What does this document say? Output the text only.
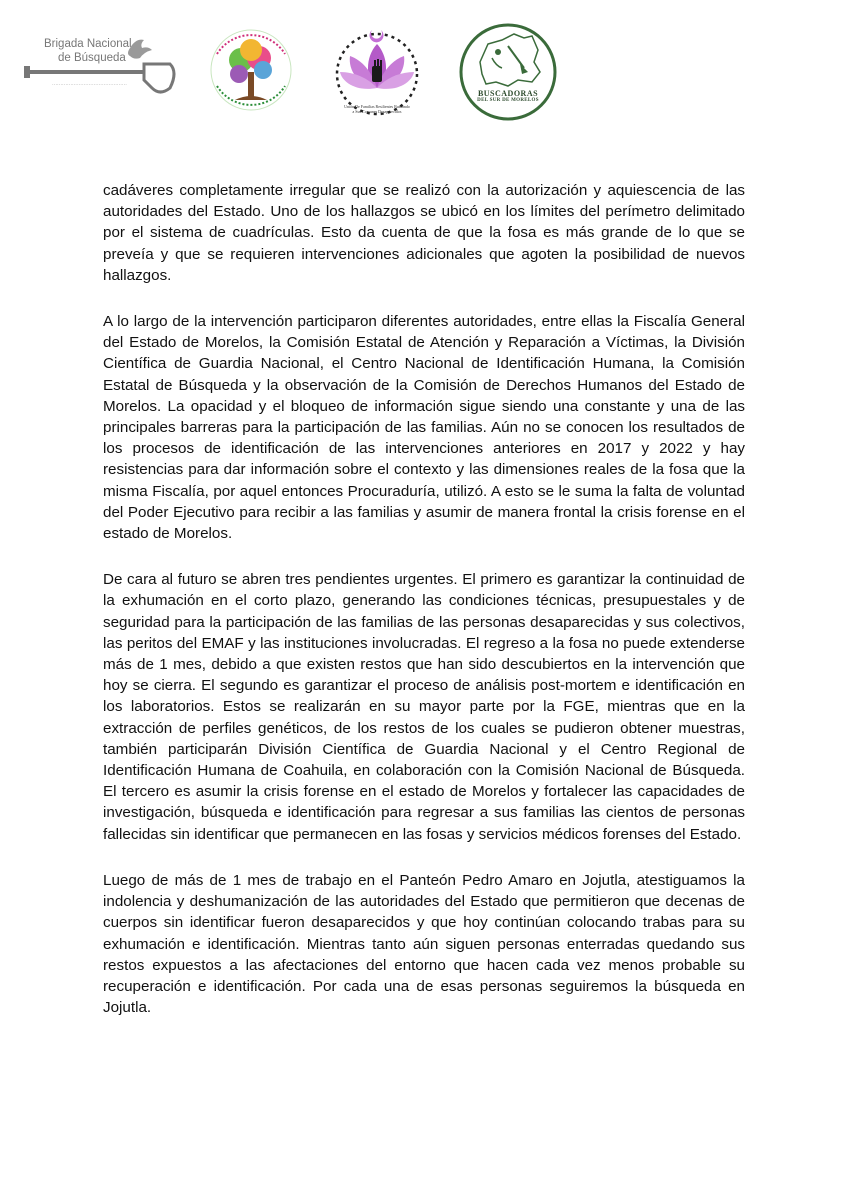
·············································
Brigada Nacional
de Búsqueda
Unión De Familias Resilientes Buscando a Sus Comunes Desaparecidos
BUSCADORAS
DEL SUR DE MORELOS

cadáveres completamente irregular que se realizó con la autorización y aquiescencia de las autoridades del Estado. Uno de los hallazgos se ubicó en los límites del perímetro delimitado por el sistema de cuadrículas. Esto da cuenta de que la fosa es más grande de lo que se preveía y que se requieren intervenciones adicionales que agoten la posibilidad de nuevos hallazgos.

A lo largo de la intervención participaron diferentes autoridades, entre ellas la Fiscalía General del Estado de Morelos, la Comisión Estatal de Atención y Reparación a Víctimas, la División Científica de Guardia Nacional, el Centro Nacional de Identificación Humana, la Comisión Estatal de Búsqueda y la observación de la Comisión de Derechos Humanos del Estado de Morelos. La opacidad y el bloqueo de información sigue siendo una constante y una de las principales barreras para la participación de las familias. Aún no se conocen los resultados de los procesos de identificación de las intervenciones anteriores en 2017 y 2022 y hay resistencias para dar información sobre el contexto y las dimensiones reales de la fosa que la misma Fiscalía, por aquel entonces Procuraduría, utilizó. A esto se le suma la falta de voluntad del Poder Ejecutivo para recibir a las familias y asumir de manera frontal la crisis forense en el estado de Morelos.

De cara al futuro se abren tres pendientes urgentes. El primero es garantizar la continuidad de la exhumación en el corto plazo, generando las condiciones técnicas, presupuestales y de seguridad para la participación de las familias de las personas desaparecidas y sus colectivos, las peritos del EMAF y las instituciones involucradas. El regreso a la fosa no puede extenderse más de 1 mes, debido a que existen restos que han sido descubiertos en la intervención que hoy se cierra. El segundo es garantizar el proceso de análisis post-mortem e identificación en los laboratorios. Estos se realizarán en su mayor parte por la FGE, mientras que en la extracción de perfiles genéticos, de los restos de los cuales se pudieron obtener muestras, también participarán División Científica de Guardia Nacional y el Centro Regional de Identificación Humana de Coahuila, en colaboración con la Comisión Nacional de Búsqueda. El tercero es asumir la crisis forense en el estado de Morelos y fortalecer las capacidades de investigación, búsqueda e identificación para regresar a sus familias las cientos de personas fallecidas sin identificar que permanecen en las fosas y servicios médicos forenses del Estado.

Luego de más de 1 mes de trabajo en el Panteón Pedro Amaro en Jojutla, atestiguamos la indolencia y deshumanización de las autoridades del Estado que permitieron que decenas de cuerpos sin identificar fueron desaparecidos y que hoy continúan colocando trabas para su exhumación e identificación. Mientras tanto aún siguen personas enterradas quedando sus restos expuestos a las afectaciones del entorno que hacen cada vez menos probable su recuperación e identificación. Por cada una de esas personas seguiremos la búsqueda en Jojutla.
